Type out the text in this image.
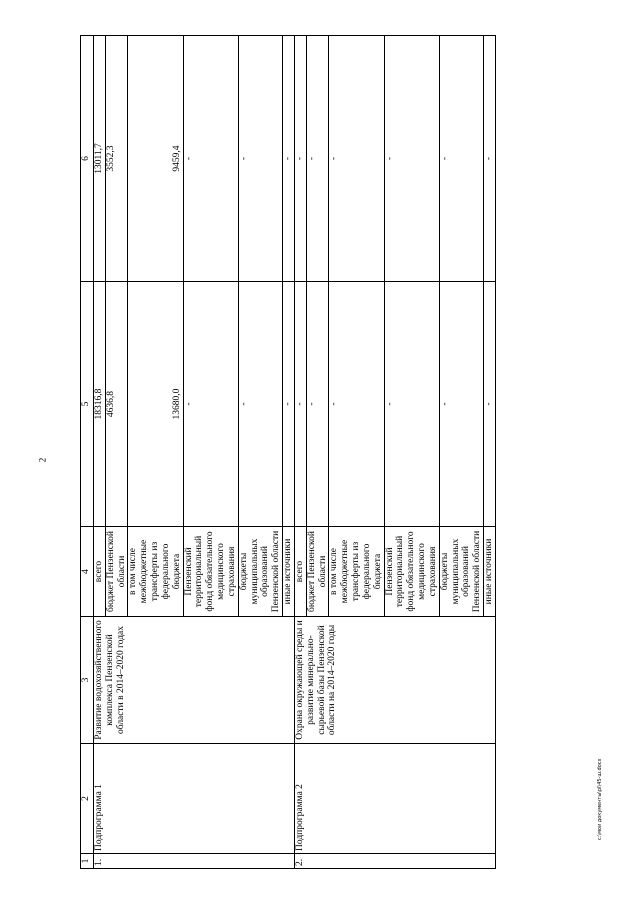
2
c:\мои документы\pl\45-ш.docx
1	2	3	4	5	6
1.	Подпрограмма 1	Развитие водохозяйственного комплекса Пензенской области в 2014–2020 годах	всего	18316,8	13011,7
			бюджет Пензенской области	4636,8	3552,3
			в том числе межбюджетные трансферты из федерального бюджета	13680,0	9459,4
			Пензенский территориальный фонд обязательного медицинского страхования	-	-
			бюджеты муниципальных образований Пензенской области	-	-
			иные источники	-	-
2.	Подпрограмма 2	Охрана окружающей среды и развитие минерально-сырьевой базы Пензенской области на 2014–2020 годы	всего	-	-
			бюджет Пензенской области	-	-
			в том числе межбюджетные трансферты из федерального бюджета	-	-
			Пензенский территориальный фонд обязательного медицинского страхования	-	-
			бюджеты муниципальных образований Пензенской области	-	-
			иные источники	-	-
